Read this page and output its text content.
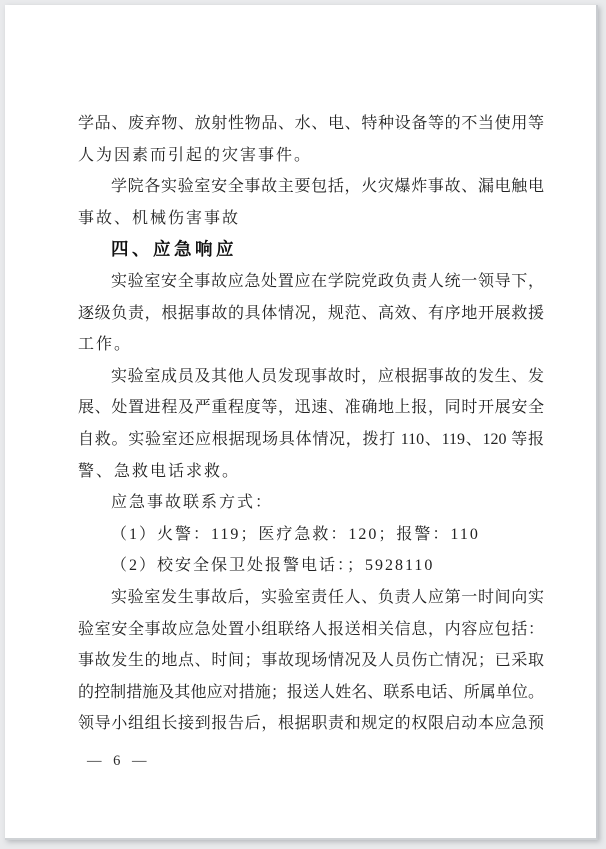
学品、废弃物、放射性物品、水、电、特种设备等的不当使用等
人为因素而引起的灾害事件。
学院各实验室安全事故主要包括，火灾爆炸事故、漏电触电
事故、机械伤害事故
四、应急响应
实验室安全事故应急处置应在学院党政负责人统一领导下，
逐级负责，根据事故的具体情况，规范、高效、有序地开展救援
工作。
实验室成员及其他人员发现事故时，应根据事故的发生、发
展、处置进程及严重程度等，迅速、准确地上报，同时开展安全
自救。实验室还应根据现场具体情况，拨打 110、119、120 等报
警、急救电话求救。
应急事故联系方式：
（1）火警：119；医疗急救：120；报警：110
（2）校安全保卫处报警电话：；5928110
实验室发生事故后，实验室责任人、负责人应第一时间向实
验室安全事故应急处置小组联络人报送相关信息，内容应包括：
事故发生的地点、时间；事故现场情况及人员伤亡情况；已采取
的控制措施及其他应对措施；报送人姓名、联系电话、所属单位。
领导小组组长接到报告后，根据职责和规定的权限启动本应急预
— 6 —
